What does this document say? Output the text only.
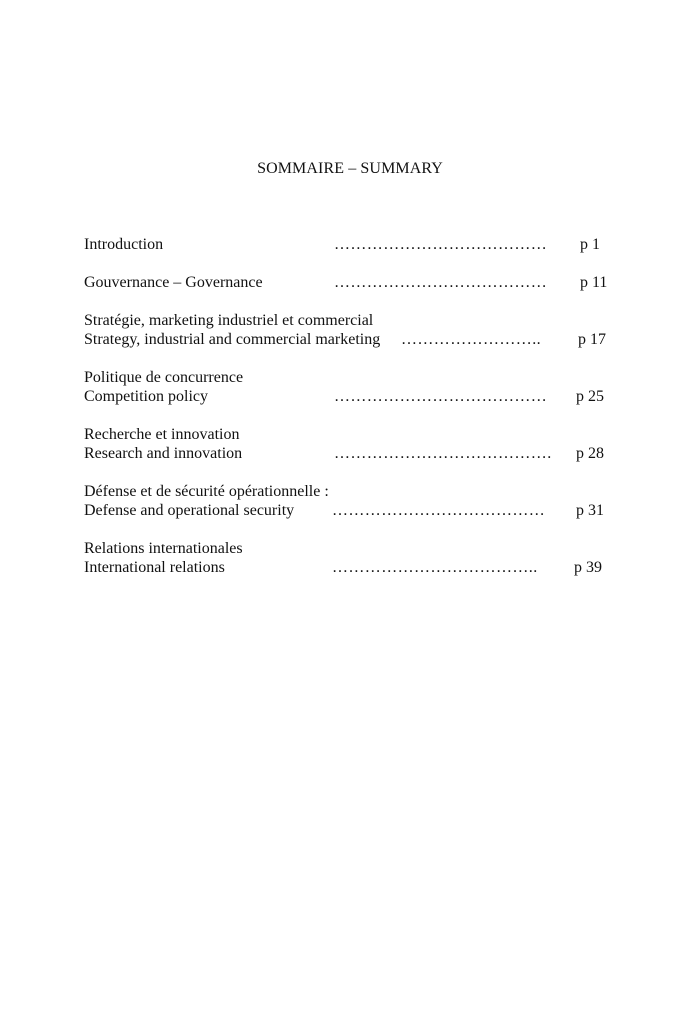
SOMMAIRE – SUMMARY
Introduction	………………………………… p 1
Gouvernance – Governance	………………………………… p 11
Stratégie, marketing industriel et commercial
Strategy, industrial and commercial marketing …………………….. p 17
Politique de concurrence
Competition policy	………………………………… p 25
Recherche et innovation
Research and innovation	…………………………………. p 28
Défense et de sécurité opérationnelle :
Defense and operational security ………………………………… p 31
Relations internationales
International relations	……………………………….. p 39
